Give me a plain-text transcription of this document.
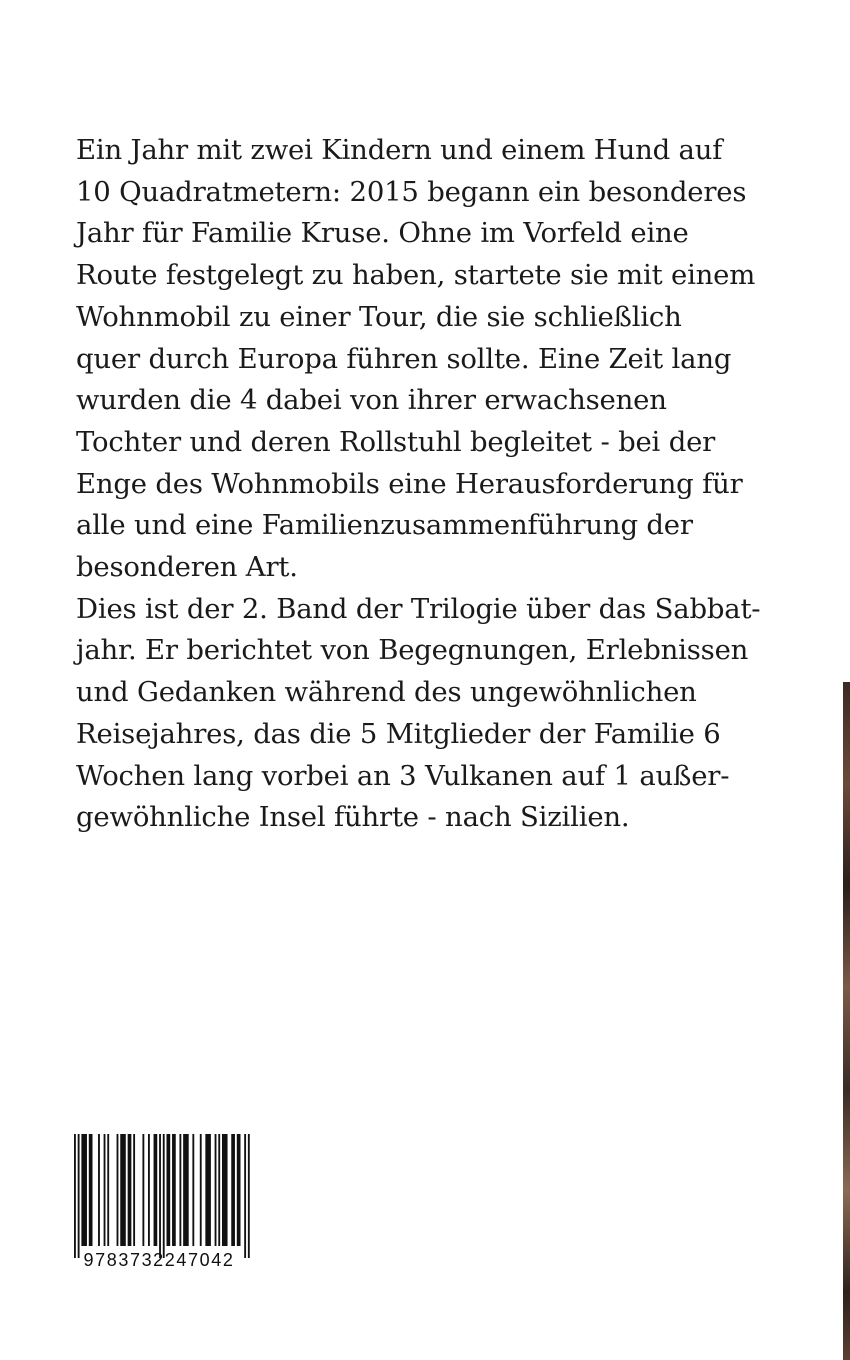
Ein Jahr mit zwei Kindern und einem Hund auf
10 Quadratmetern: 2015 begann ein besonderes
Jahr für Familie Kruse. Ohne im Vorfeld eine
Route festgelegt zu haben, startete sie mit einem
Wohnmobil zu einer Tour, die sie schließlich
quer durch Europa führen sollte. Eine Zeit lang
wurden die 4 dabei von ihrer erwachsenen
Tochter und deren Rollstuhl begleitet - bei der
Enge des Wohnmobils eine Herausforderung für
alle und eine Familienzusammenführung der
besonderen Art.
Dies ist der 2. Band der Trilogie über das Sabbat-
jahr. Er berichtet von Begegnungen, Erlebnissen
und Gedanken während des ungewöhnlichen
Reisejahres, das die 5 Mitglieder der Familie 6
Wochen lang vorbei an 3 Vulkanen auf 1 außer-
gewöhnliche Insel führte - nach Sizilien.
9783732247042
